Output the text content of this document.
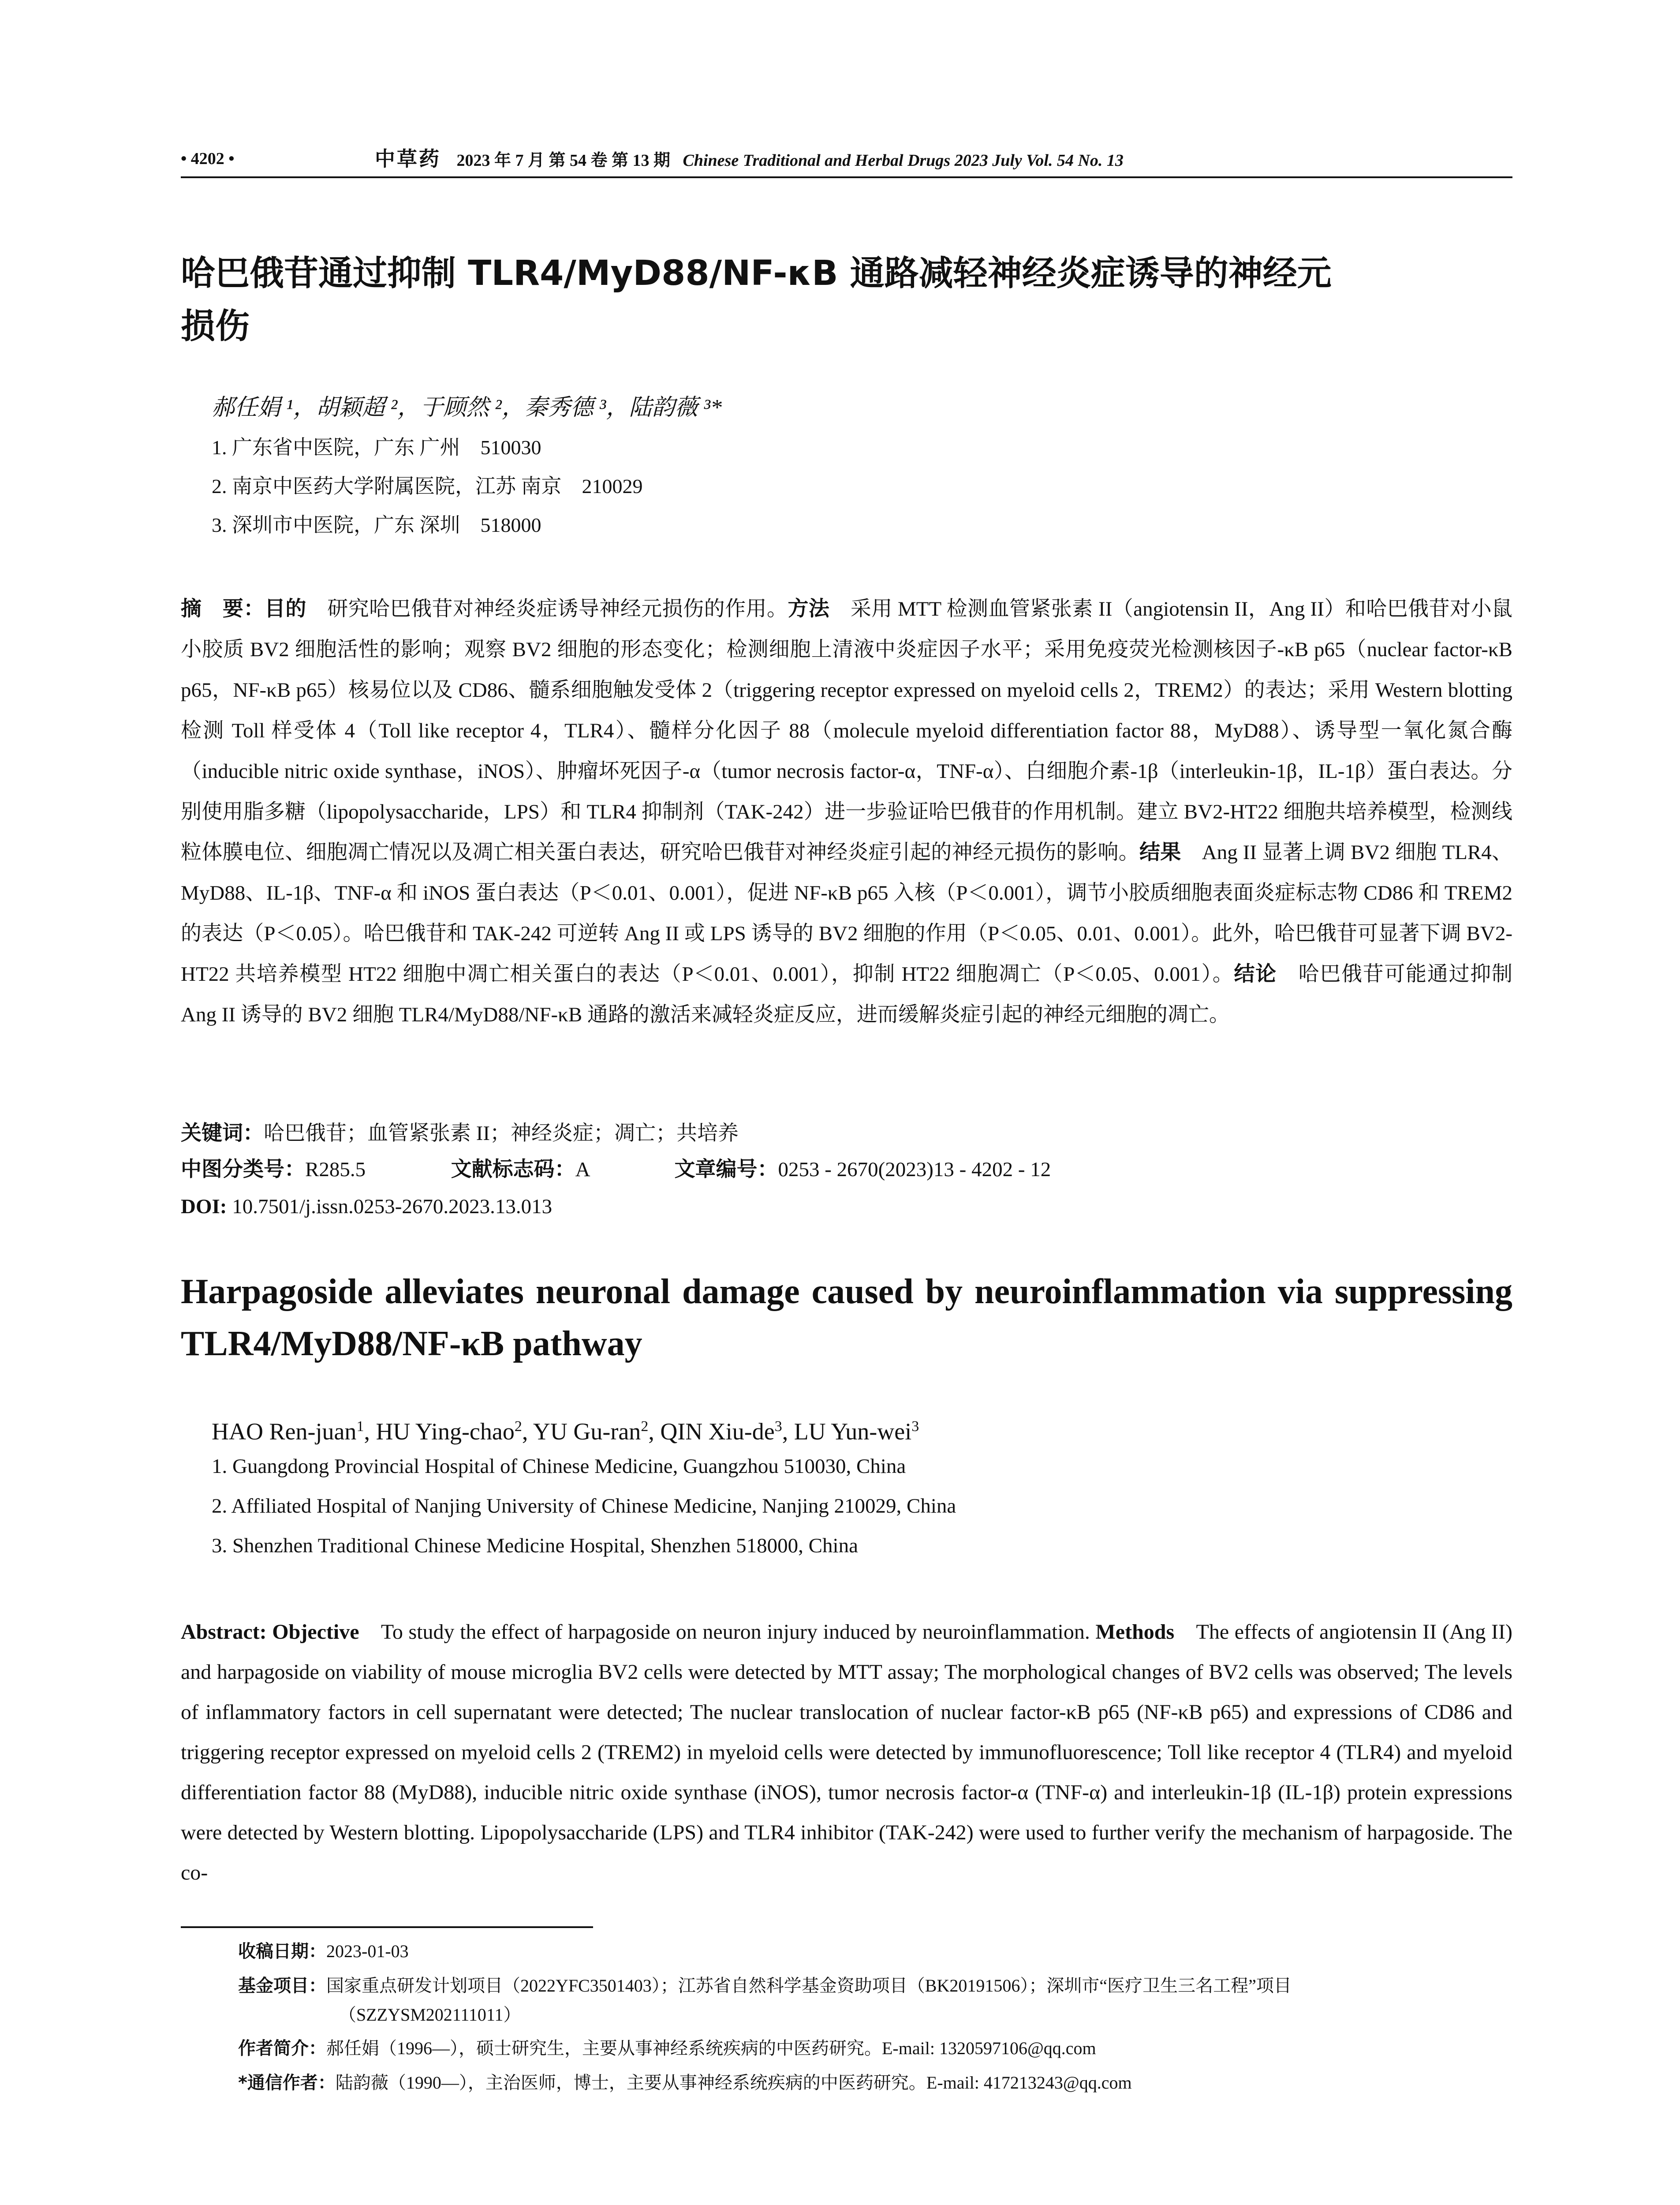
• 4202 •	中草药 2023 年 7 月 第 54 卷 第 13 期 Chinese Traditional and Herbal Drugs 2023 July Vol. 54 No. 13
哈巴俄苷通过抑制 TLR4/MyD88/NF-κB 通路减轻神经炎症诱导的神经元
损伤
郝任娟 ¹，胡颖超 ²，于顾然 ²，秦秀德 ³，陆韵薇 ³*
1. 广东省中医院，广东 广州　510030
2. 南京中医药大学附属医院，江苏 南京　210029
3. 深圳市中医院，广东 深圳　518000
摘　要：目的　研究哈巴俄苷对神经炎症诱导神经元损伤的作用。方法　采用 MTT 检测血管紧张素 II（angiotensin II，Ang II）和哈巴俄苷对小鼠小胶质 BV2 细胞活性的影响；观察 BV2 细胞的形态变化；检测细胞上清液中炎症因子水平；采用免疫荧光检测核因子-κB p65（nuclear factor-κB p65，NF-κB p65）核易位以及 CD86、髓系细胞触发受体 2（triggering receptor expressed on myeloid cells 2，TREM2）的表达；采用 Western blotting 检测 Toll 样受体 4（Toll like receptor 4，TLR4）、髓样分化因子 88（molecule myeloid differentiation factor 88，MyD88）、诱导型一氧化氮合酶（inducible nitric oxide synthase，iNOS）、肿瘤坏死因子-α（tumor necrosis factor-α，TNF-α）、白细胞介素-1β（interleukin-1β，IL-1β）蛋白表达。分别使用脂多糖（lipopolysaccharide，LPS）和 TLR4 抑制剂（TAK-242）进一步验证哈巴俄苷的作用机制。建立 BV2-HT22 细胞共培养模型，检测线粒体膜电位、细胞凋亡情况以及凋亡相关蛋白表达，研究哈巴俄苷对神经炎症引起的神经元损伤的影响。结果　Ang II 显著上调 BV2 细胞 TLR4、MyD88、IL-1β、TNF-α 和 iNOS 蛋白表达（P＜0.01、0.001），促进 NF-κB p65 入核（P＜0.001），调节小胶质细胞表面炎症标志物 CD86 和 TREM2 的表达（P＜0.05）。哈巴俄苷和 TAK-242 可逆转 Ang II 或 LPS 诱导的 BV2 细胞的作用（P＜0.05、0.01、0.001）。此外，哈巴俄苷可显著下调 BV2-HT22 共培养模型 HT22 细胞中凋亡相关蛋白的表达（P＜0.01、0.001），抑制 HT22 细胞凋亡（P＜0.05、0.001）。结论　哈巴俄苷可能通过抑制 Ang II 诱导的 BV2 细胞 TLR4/MyD88/NF-κB 通路的激活来减轻炎症反应，进而缓解炎症引起的神经元细胞的凋亡。
关键词：哈巴俄苷；血管紧张素 II；神经炎症；凋亡；共培养
中图分类号：R285.5	文献标志码：A	文章编号：0253 - 2670(2023)13 - 4202 - 12
DOI: 10.7501/j.issn.0253-2670.2023.13.013
Harpagoside alleviates neuronal damage caused by neuroinflammation via suppressing TLR4/MyD88/NF-κB pathway
HAO Ren-juan$^1$, HU Ying-chao$^2$, YU Gu-ran$^2$, QIN Xiu-$de^3$, LU Yun-wei$^3$
1. Guangdong Provincial Hospital of Chinese Medicine, Guangzhou 510030, China
2. Affiliated Hospital of Nanjing University of Chinese Medicine, Nanjing 210029, China
3. Shenzhen Traditional Chinese Medicine Hospital, Shenzhen 518000, China
Abstract: Objective　To study the effect of harpagoside on neuron injury induced by neuroinflammation. Methods　The effects of angiotensin II (Ang II) and harpagoside on viability of mouse microglia BV2 cells were detected by MTT assay; The morphological changes of BV2 cells was observed; The levels of inflammatory factors in cell supernatant were detected; The nuclear translocation of nuclear factor-κB p65 (NF-κB p65) and expressions of CD86 and triggering receptor expressed on myeloid cells 2 (TREM2) in myeloid cells were detected by immunofluorescence; Toll like receptor 4 (TLR4) and myeloid differentiation factor 88 (MyD88), inducible nitric oxide synthase (iNOS), tumor necrosis factor-α (TNF-α) and interleukin-1β (IL-1β) protein expressions were detected by Western blotting. Lipopolysaccharide (LPS) and TLR4 inhibitor (TAK-242) were used to further verify the mechanism of harpagoside. The co-
收稿日期：2023-01-03
基金项目：国家重点研发计划项目（2022YFC3501403）；江苏省自然科学基金资助项目（BK20191506）；深圳市“医疗卫生三名工程”项目
（SZZYSM202111011）
作者简介：郝任娟（1996—），硕士研究生，主要从事神经系统疾病的中医药研究。E-mail: 1320597106@qq.com
*通信作者：陆韵薇（1990—），主治医师，博士，主要从事神经系统疾病的中医药研究。E-mail: 417213243@qq.com
